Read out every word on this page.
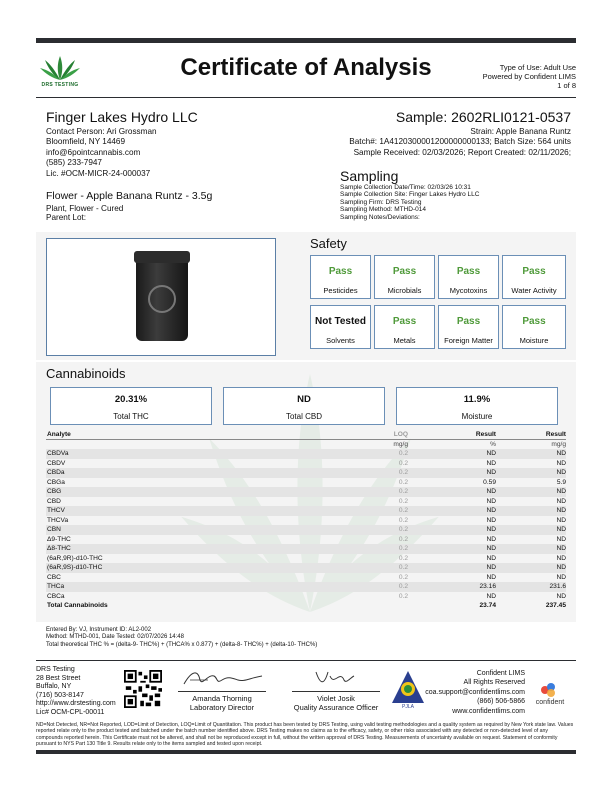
DRS TESTING
Certificate of Analysis	Type of Use: Adult Use
Powered by Confident LIMS
1 of 8
Finger Lakes Hydro LLC
Contact Person: Ari Grossman
Bloomfield, NY 14469
info@6pointcannabis.com
(585) 233-7947
Lic. #OCM-MICR-24-000037
Sample: 2602RLI0121-0537
Strain: Apple Banana Runtz
Batch#: 1A4120300001200000000133; Batch Size: 564 units
Sample Received: 02/03/2026; Report Created: 02/11/2026;
Flower - Apple Banana Runtz - 3.5g
Plant, Flower - Cured
Parent Lot:
Sampling
Sample Collection Date/Time: 02/03/26 10:31
Sample Collection Site: Finger Lakes Hydro LLC
Sampling Firm: DRS Testing
Sampling Method: MTHD-014
Sampling Notes/Deviations:
Safety
Pass
Pesticides
Pass
Microbials
Pass
Mycotoxins
Pass
Water Activity
Not Tested
Solvents
Pass
Metals
Pass
Foreign Matter
Pass
Moisture
Cannabinoids
20.31%
Total THC
ND
Total CBD
11.9%
Moisture
Analyte	LOQ	Result	Result
	mg/g	%	mg/g
CBDVa	0.2	ND	ND
CBDV	0.2	ND	ND
CBDa	0.2	ND	ND
CBGa	0.2	0.59	5.9
CBG	0.2	ND	ND
CBD	0.2	ND	ND
THCV	0.2	ND	ND
THCVa	0.2	ND	ND
CBN	0.2	ND	ND
Δ9-THC	0.2	ND	ND
Δ8-THC	0.2	ND	ND
(6aR,9R)-d10-THC	0.2	ND	ND
(6aR,9S)-d10-THC	0.2	ND	ND
CBC	0.2	ND	ND
THCa	0.2	23.16	231.6
CBCa	0.2	ND	ND
Total Cannabinoids		23.74	237.45
Entered By: VJ, Instrument ID: AL2-002
Method: MTHD-001, Date Tested: 02/07/2026 14:48
Total theoretical THC % = (delta-9- THC%) + (THCA% x 0.877) + (delta-8- THC%) + (delta-10- THC%)
DRS Testing
28 Best Street
Buffalo, NY
(716) 503-8147
http://www.drstesting.com
Lic# OCM-CPL-00011
Amanda Thorning
Laboratory Director
Violet Josik
Quality Assurance Officer	PJLA
Confident LIMS
All Rights Reserved
coa.support@confidentlims.com
(866) 506-5866
www.confidentlims.com
confident
ND=Not Detected, NR=Not Reported, LOD=Limit of Detection, LOQ=Limit of Quantitation. This product has been tested by DRS Testing, using valid testing methodologies and a quality system as required by New York state law. Values reported relate only to the product tested and batched under the batch number identified above. DRS Testing makes no claims as to the efficacy, safety, or other risks associated with any detected or non-detected level of any compounds reported herein. This Certificate must not be altered, and shall not be reproduced except in full, without the written approval of DRS Testing. Measurements of uncertainty available on request. Statement of conformity pursuant to NYS Part 130 Title 9. Results relate only to the items sampled and tested upon receipt.
